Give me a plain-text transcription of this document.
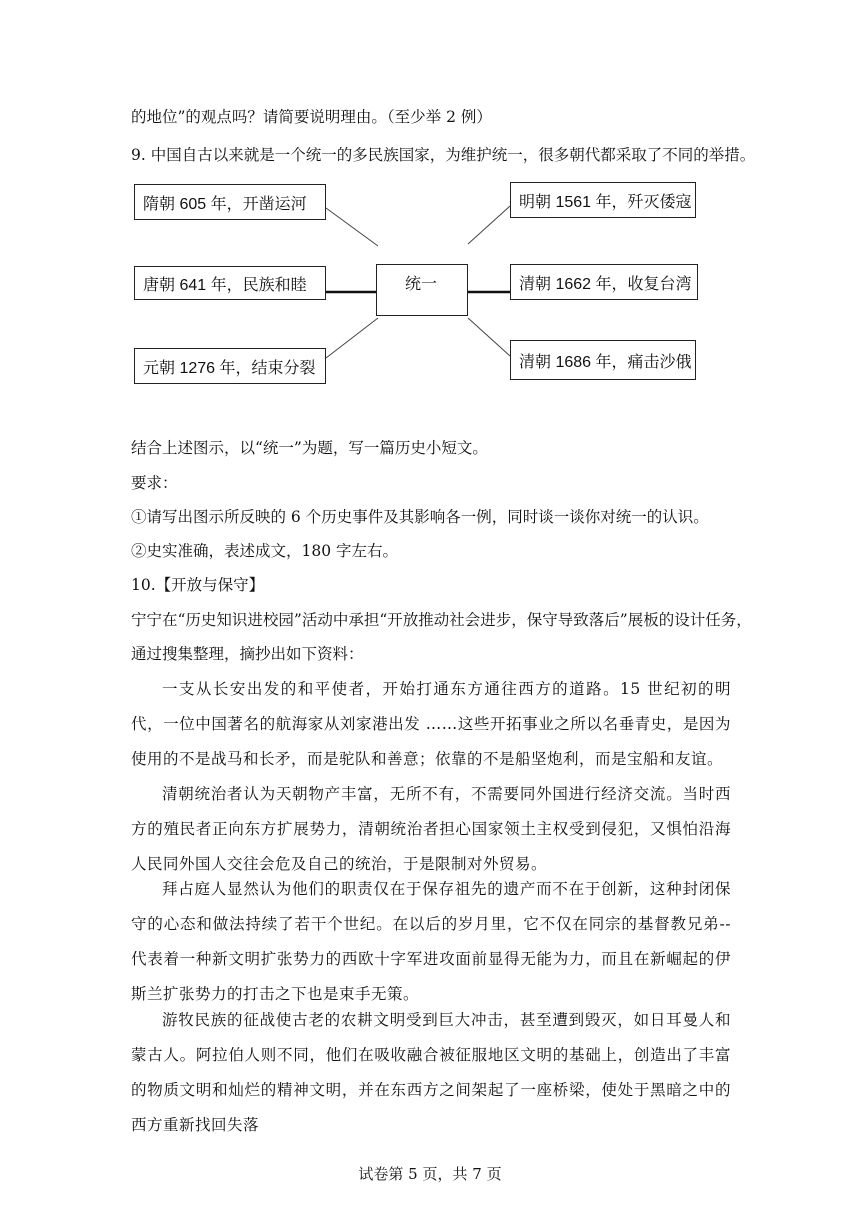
的地位”的观点吗？请简要说明理由。（至少举 2 例）
9. 中国自古以来就是一个统一的多民族国家，为维护统一，很多朝代都采取了不同的举措。
隋朝 605 年，开凿运河
唐朝 641 年，民族和睦
元朝 1276 年，结束分裂
统一
明朝 1561 年，歼灭倭寇
清朝 1662 年，收复台湾
清朝 1686 年，痛击沙俄
结合上述图示，以“统一”为题，写一篇历史小短文。
要求：
①请写出图示所反映的 6 个历史事件及其影响各一例，同时谈一谈你对统一的认识。
②史实准确，表述成文，180 字左右。
10.【开放与保守】
宁宁在“历史知识进校园”活动中承担“开放推动社会进步，保守导致落后”展板的设计任务，
通过搜集整理，摘抄出如下资料：
一支从长安出发的和平使者，开始打通东方通往西方的道路。15 世纪初的明代，一位中国著名的航海家从刘家港出发 ……这些开拓事业之所以名垂青史，是因为使用的不是战马和长矛，而是驼队和善意；依靠的不是船坚炮利，而是宝船和友谊。
清朝统治者认为天朝物产丰富，无所不有，不需要同外国进行经济交流。当时西方的殖民者正向东方扩展势力，清朝统治者担心国家领土主权受到侵犯，又惧怕沿海人民同外国人交往会危及自己的统治，于是限制对外贸易。
拜占庭人显然认为他们的职责仅在于保存祖先的遗产而不在于创新，这种封闭保守的心态和做法持续了若干个世纪。在以后的岁月里，它不仅在同宗的基督教兄弟--代表着一种新文明扩张势力的西欧十字军进攻面前显得无能为力，而且在新崛起的伊斯兰扩张势力的打击之下也是束手无策。
游牧民族的征战使古老的农耕文明受到巨大冲击，甚至遭到毁灭，如日耳曼人和蒙古人。阿拉伯人则不同，他们在吸收融合被征服地区文明的基础上，创造出了丰富的物质文明和灿烂的精神文明，并在东西方之间架起了一座桥梁，使处于黑暗之中的西方重新找回失落
试卷第 5 页，共 7 页
